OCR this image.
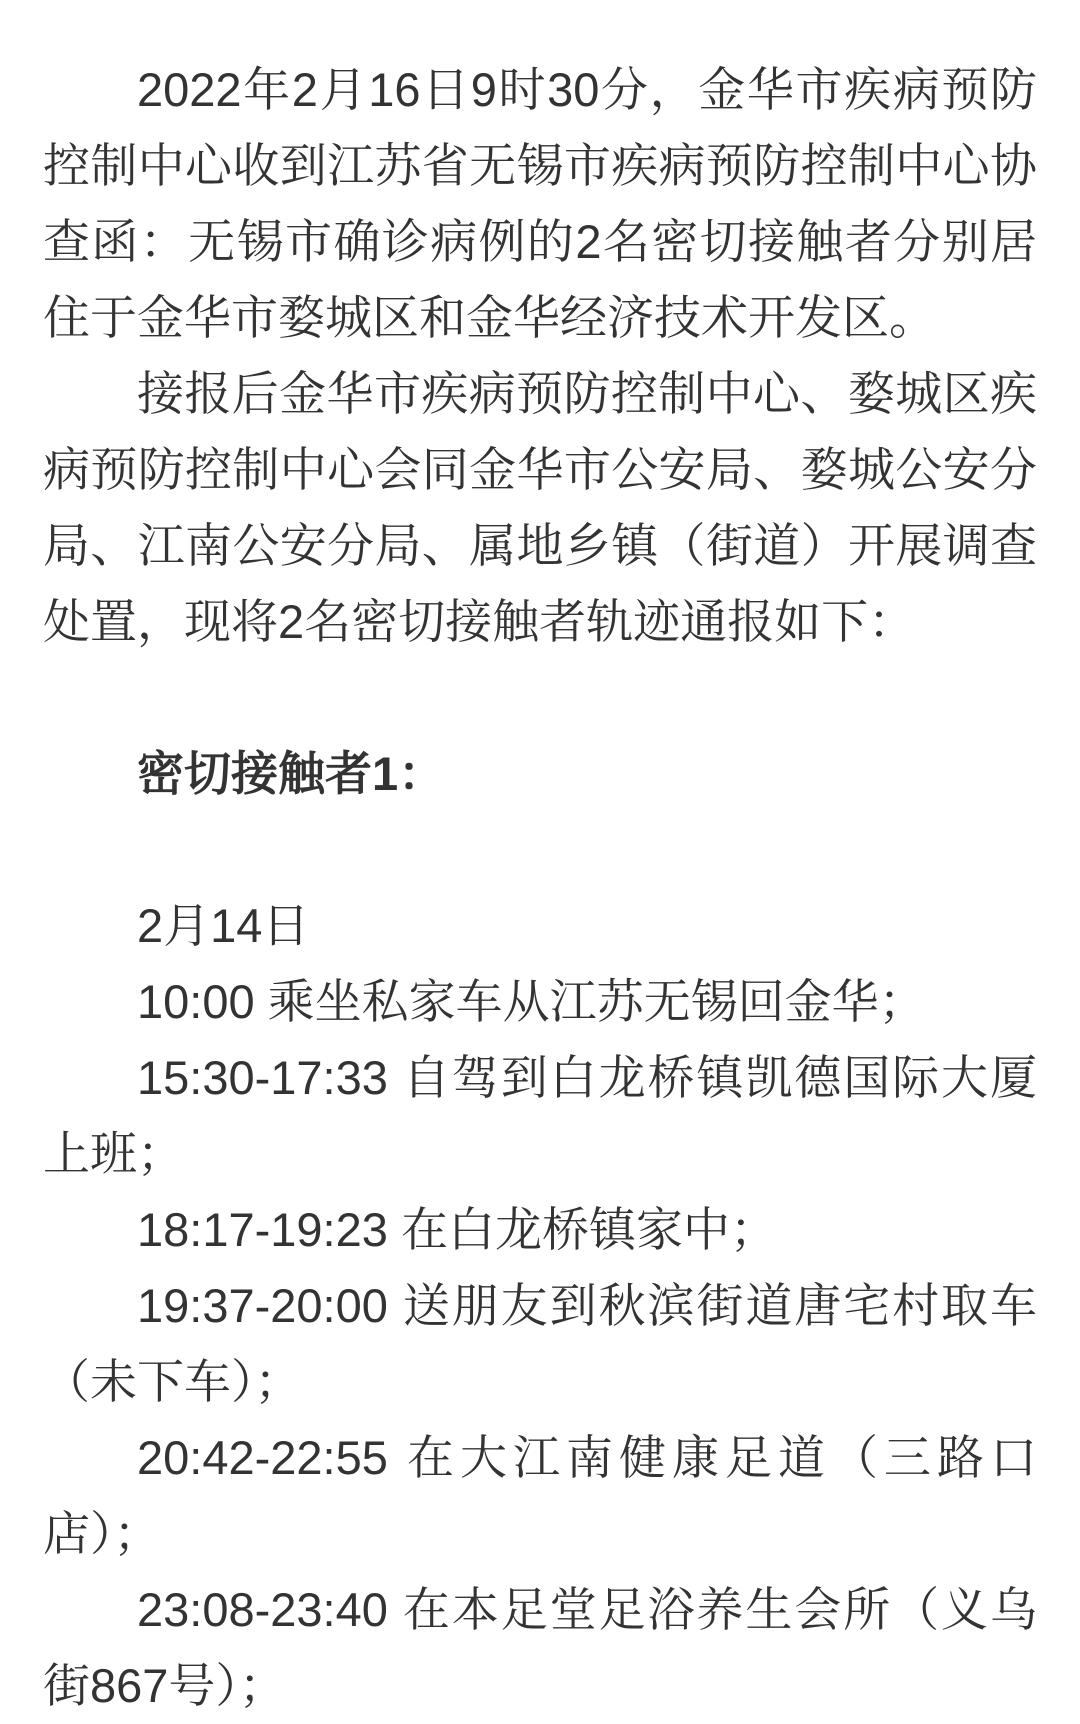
2022年2月16日9时30分，金华市疾病预防
控制中心收到江苏省无锡市疾病预防控制中心协
查函：无锡市确诊病例的2名密切接触者分别居
住于金华市婺城区和金华经济技术开发区。
接报后金华市疾病预防控制中心、婺城区疾
病预防控制中心会同金华市公安局、婺城公安分
局、江南公安分局、属地乡镇（街道）开展调查
处置，现将2名密切接触者轨迹通报如下：
密切接触者1：
2月14日
10:00 乘坐私家车从江苏无锡回金华；
15:30-17:33 自驾到白龙桥镇凯德国际大厦
上班；
18:17-19:23 在白龙桥镇家中；
19:37-20:00 送朋友到秋滨街道唐宅村取车
（未下车）；
20:42-22:55 在大江南健康足道（三路口
店）；
23:08-23:40 在本足堂足浴养生会所（义乌
街867号）；
